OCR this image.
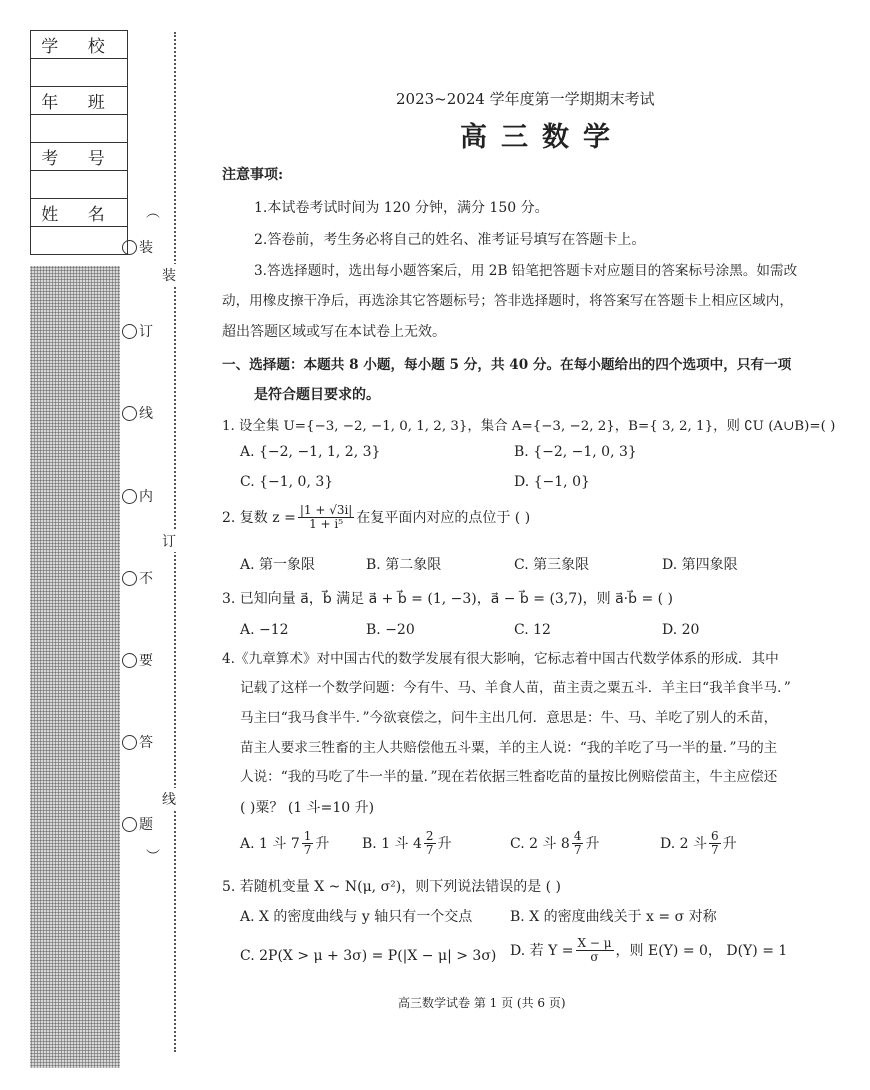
学 校

年 班

考 号

姓 名 ︵
装
订
线
内
不
要
答
题
︶
装
订
线
2023~2024 学年度第一学期期末考试
高三数学
注意事项:
1.本试卷考试时间为 120 分钟，满分 150 分。
2.答卷前，考生务必将自己的姓名、准考证号填写在答题卡上。
3.答选择题时，选出每小题答案后，用 2B 铅笔把答题卡对应题目的答案标号涂黑。如需改
动，用橡皮擦干净后，再选涂其它答题标号；答非选择题时，将答案写在答题卡上相应区域内，
超出答题区域或写在本试卷上无效。
一、选择题：本题共 8 小题，每小题 5 分，共 40 分。在每小题给出的四个选项中，只有一项
是符合题目要求的。
1. 设全集 U={−3, −2, −1, 0, 1, 2, 3}，集合 A={−3, −2, 2}，B={ 3, 2, 1}，则 ∁U (A∪B)=( )
A. {−2, −1, 1, 2, 3}	B. {−2, −1, 0, 3}
C. {−1, 0, 3}	D. {−1, 0}
2. 复数 $z = \frac{|1 + √3i|}{\text{1 + i⁵}}$ 在复平面内对应的点位于 ( )
A. 第一象限	B. 第二象限	C. 第三象限	D. 第四象限
3. 已知向量 a⃗，b⃗ 满足 a⃗ + b⃗ = (1, −3)，a⃗ − b⃗ = (3,7)，则 a⃗·b⃗ = ( )
A. −12	B. −20	C. 12	D. 20
4.《九章算术》对中国古代的数学发展有很大影响，它标志着中国古代数学体系的形成．其中
记载了这样一个数学问题：今有牛、马、羊食人苗，苗主责之粟五斗．羊主曰“我羊食半马．”
马主曰“我马食半牛．”今欲衰偿之，问牛主出几何．意思是：牛、马、羊吃了别人的禾苗，
苗主人要求三牲畜的主人共赔偿他五斗粟，羊的主人说：“我的羊吃了马一半的量．”马的主
人说：“我的马吃了牛一半的量．”现在若依据三牲畜吃苗的量按比例赔偿苗主，牛主应偿还
( )粟？ (1 斗=10 升)
A. 1 斗 $7 \frac{1}{7}$ 升 B. 1 斗 $4 \frac{2}{7}$ 升	C. 2 斗 $8 \frac{4}{7}$ 升	D. 2 斗 $\frac{6}{7}$ 升
5. 若随机变量 X ~ N(μ, σ²)，则下列说法错误的是 ( )
A. X 的密度曲线与 y 轴只有一个交点	B. X 的密度曲线关于 x = σ 对称
C. 2P(X > μ + 3σ) = P(|X − μ| > 3σ) D. 若 $Y = \frac{X - \mu}{\sigma}$ ，则 E(Y) = 0， D(Y) = 1
高三数学试卷 第 1 页 (共 6 页)
